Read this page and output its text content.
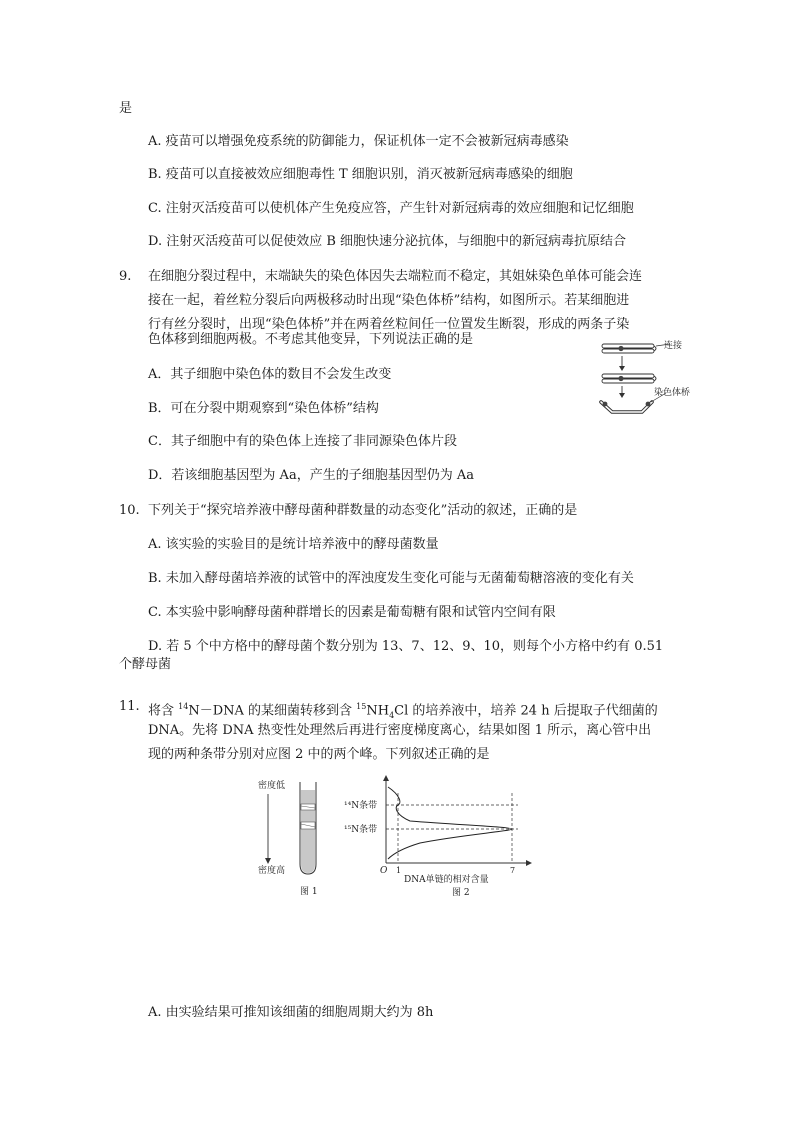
是
A. 疫苗可以增强免疫系统的防御能力，保证机体一定不会被新冠病毒感染
B. 疫苗可以直接被效应细胞毒性 T 细胞识别，消灭被新冠病毒感染的细胞
C. 注射灭活疫苗可以使机体产生免疫应答，产生针对新冠病毒的效应细胞和记忆细胞
D. 注射灭活疫苗可以促使效应 B 细胞快速分泌抗体，与细胞中的新冠病毒抗原结合
9. 在细胞分裂过程中，末端缺失的染色体因失去端粒而不稳定，其姐妹染色单体可能会连
接在一起，着丝粒分裂后向两极移动时出现“染色体桥”结构，如图所示。若某细胞进
行有丝分裂时，出现“染色体桥”并在两着丝粒间任一位置发生断裂，形成的两条子染
色体移到细胞两极。不考虑其他变异，下列说法正确的是	连接
染色体桥
A．其子细胞中染色体的数目不会发生改变
B．可在分裂中期观察到“染色体桥”结构
C．其子细胞中有的染色体上连接了非同源染色体片段
D．若该细胞基因型为 Aa，产生的子细胞基因型仍为 Aa
10. 下列关于“探究培养液中酵母菌种群数量的动态变化”活动的叙述，正确的是
A. 该实验的实验目的是统计培养液中的酵母菌数量
B. 未加入酵母菌培养液的试管中的浑浊度发生变化可能与无菌葡萄糖溶液的变化有关
C. 本实验中影响酵母菌种群增长的因素是葡萄糖有限和试管内空间有限
D. 若 5 个中方格中的酵母菌个数分别为 13、7、12、9、10，则每个小方格中约有 0.51
个酵母菌
11. 将含 $^{14}$N－DNA 的某细菌转移到含 $^{15}NH_4Cl$ 的培养液中，培养 24 h 后提取子代细菌的
DNA。先将 DNA 热变性处理然后再进行密度梯度离心，结果如图 1 所示，离心管中出
现的两种条带分别对应图 2 中的两个峰。下列叙述正确的是
密度低
密度高
图 1
¹⁴N条带
¹⁵N条带
O 1	7
DNA单链的相对含量
图 2
A. 由实验结果可推知该细菌的细胞周期大约为 8h
